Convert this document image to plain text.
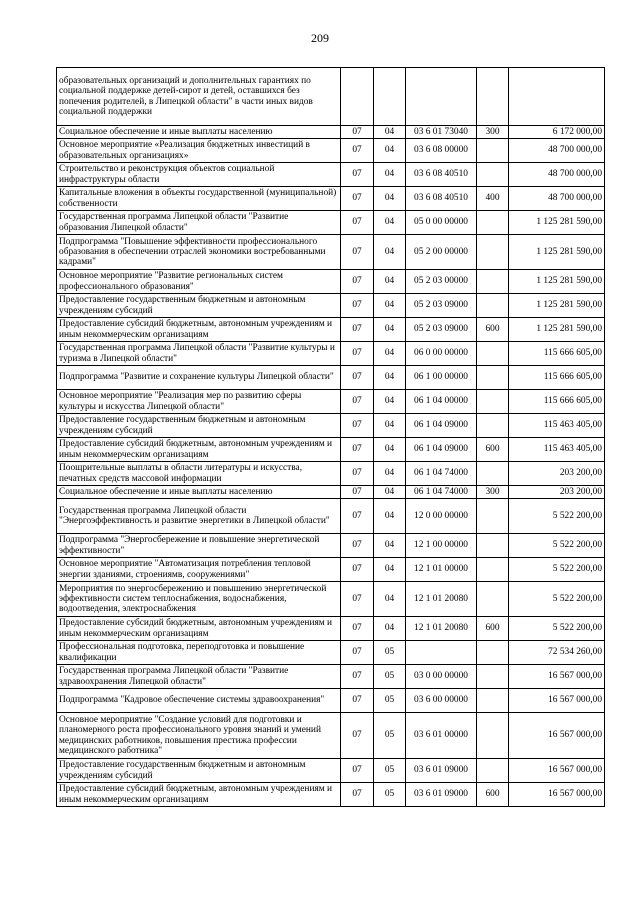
209
образовательных организаций и дополнительных гарантиях по социальной поддержке детей-сирот и детей, оставшихся без попечения родителей, в Липецкой области" в части иных видов социальной поддержки					
Социальное обеспечение и иные выплаты населению	07	04	03 6 01 73040	300	6 172 000,00
Основное мероприятие «Реализация бюджетных инвестиций в образовательных организациях»	07	04	03 6 08 00000		48 700 000,00
Строительство и реконструкция объектов социальной инфраструктуры области	07	04	03 6 08 40510		48 700 000,00
Капитальные вложения в объекты государственной (муниципальной) собственности	07	04	03 6 08 40510	400	48 700 000,00
Государственная программа Липецкой области "Развитие образования Липецкой области"	07	04	05 0 00 00000		1 125 281 590,00
Подпрограмма "Повышение эффективности профессионального образования в обеспечении отраслей экономики востребованными кадрами"	07	04	05 2 00 00000		1 125 281 590,00
Основное мероприятие "Развитие региональных систем профессионального образования"	07	04	05 2 03 00000		1 125 281 590,00
Предоставление государственным бюджетным и автономным учреждениям субсидий	07	04	05 2 03 09000		1 125 281 590,00
Предоставление субсидий бюджетным, автономным учреждениям и иным некоммерческим организациям	07	04	05 2 03 09000	600	1 125 281 590,00
Государственная программа Липецкой области "Развитие культуры и туризма в Липецкой области"	07	04	06 0 00 00000		115 666 605,00
Подпрограмма "Развитие и сохранение культуры Липецкой области"	07	04	06 1 00 00000		115 666 605,00
Основное мероприятие "Реализация мер по развитию сферы культуры и искусства Липецкой области"	07	04	06 1 04 00000		115 666 605,00
Предоставление государственным бюджетным и автономным учреждениям субсидий	07	04	06 1 04 09000		115 463 405,00
Предоставление субсидий бюджетным, автономным учреждениям и иным некоммерческим организациям	07	04	06 1 04 09000	600	115 463 405,00
Поощрительные выплаты в области литературы и искусства, печатных средств массовой информации	07	04	06 1 04 74000		203 200,00
Социальное обеспечение и иные выплаты населению	07	04	06 1 04 74000	300	203 200,00
Государственная программа Липецкой области "Энергоэффективность и развитие энергетики в Липецкой области"	07	04	12 0 00 00000		5 522 200,00
Подпрограмма "Энергосбережение и повышение энергетической эффективности"	07	04	12 1 00 00000		5 522 200,00
Основное мероприятие "Автоматизация потребления тепловой энергии зданиями, строениямв, сооружениями"	07	04	12 1 01 00000		5 522 200,00
Мероприятия по энергосбережению и повышению энергетической эффективности систем теплоснабжения, водоснабжения, водоотведения, электроснабжения	07	04	12 1 01 20080		5 522 200,00
Предоставление субсидий бюджетным, автономным учреждениям и иным некоммерческим организациям	07	04	12 1 01 20080	600	5 522 200,00
Профессиональная подготовка, переподготовка и повышение квалификации	07	05			72 534 260,00
Государственная программа Липецкой области "Развитие здравоохранения Липецкой области"	07	05	03 0 00 00000		16 567 000,00
Подпрограмма "Кадровое обеспечение системы здравоохранения"	07	05	03 6 00 00000		16 567 000,00
Основное мероприятие "Создание условий для подготовки и планомерного роста профессионального уровня знаний и умений медицинских работников, повышения престижа профессии медицинского работника"	07	05	03 6 01 00000		16 567 000,00
Предоставление государственным бюджетным и автономным учреждениям субсидий	07	05	03 6 01 09000		16 567 000,00
Предоставление субсидий бюджетным, автономным учреждениям и иным некоммерческим организациям	07	05	03 6 01 09000	600	16 567 000,00
